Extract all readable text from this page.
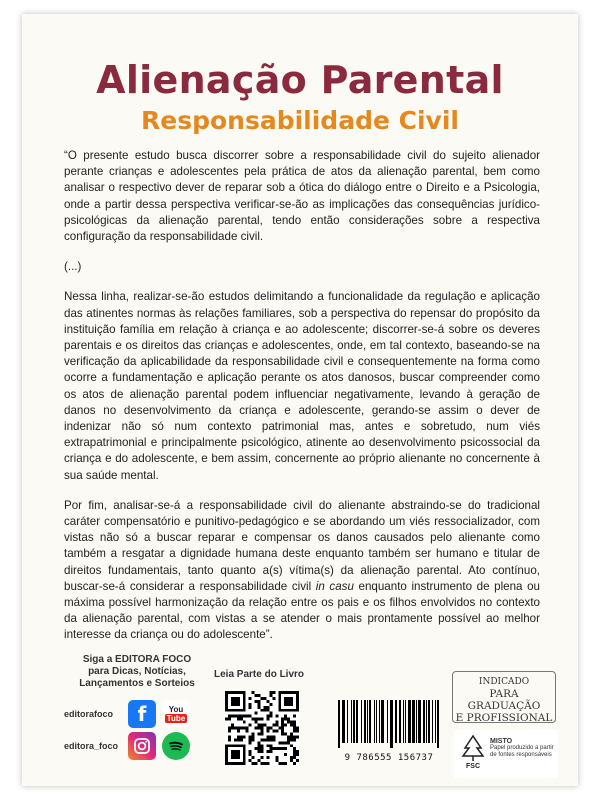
Alienação Parental
Responsabilidade Civil

“O presente estudo busca discorrer sobre a responsabilidade civil do sujeito alienador perante crianças e adolescentes pela prática de atos da alienação parental, bem como analisar o respectivo dever de reparar sob a ótica do diálogo entre o Direito e a Psicologia, onde a partir dessa perspectiva verificar-se-ão as implicações das consequências jurídico-psicológicas da alienação parental, tendo então considerações sobre a respectiva configuração da responsabilidade civil.

(...)

Nessa linha, realizar-se-ão estudos delimitando a funcionalidade da regulação e aplicação das atinentes normas às relações familiares, sob a perspectiva do repensar do propósito da instituição família em relação à criança e ao adolescente; discorrer-se-á sobre os deveres parentais e os direitos das crianças e adolescentes, onde, em tal contexto, baseando-se na verificação da aplicabilidade da responsabilidade civil e consequentemente na forma como ocorre a fundamentação e aplicação perante os atos danosos, buscar compreender como os atos de alienação parental podem influenciar negativamente, levando à geração de danos no desenvolvimento da criança e adolescente, gerando-se assim o dever de indenizar não só num contexto patrimonial mas, antes e sobretudo, num viés extrapatrimonial e principalmente psicológico, atinente ao desenvolvimento psicossocial da criança e do adolescente, e bem assim, concernente ao próprio alienante no concernente à sua saúde mental.

Por fim, analisar-se-á a responsabilidade civil do alienante abstraindo-se do tradicional caráter compensatório e punitivo-pedagógico e se abordando um viés ressocializador, com vistas não só a buscar reparar e compensar os danos causados pelo alienante como também a resgatar a dignidade humana deste enquanto também ser humano e titular de direitos fundamentais, tanto quanto a(s) vítima(s) da alienação parental. Ato contínuo, buscar-se-á considerar a responsabilidade civil in casu enquanto instrumento de plena ou máxima possível harmonização da relação entre os pais e os filhos envolvidos no contexto da alienação parental, com vistas a se atender o mais prontamente possível ao melhor interesse da criança ou do adolescente”.

Siga a EDITORA FOCO
para Dicas, Notícias,
Lançamentos e Sorteios
editorafoco	f	You
Tube
editora_foco
Leia Parte do Livro
9 786555 156737
INDICADO
PARA GRADUAÇÃO
E PROFISSIONAL
FSC
MISTO
Papel produzido a partir de fontes responsáveis
